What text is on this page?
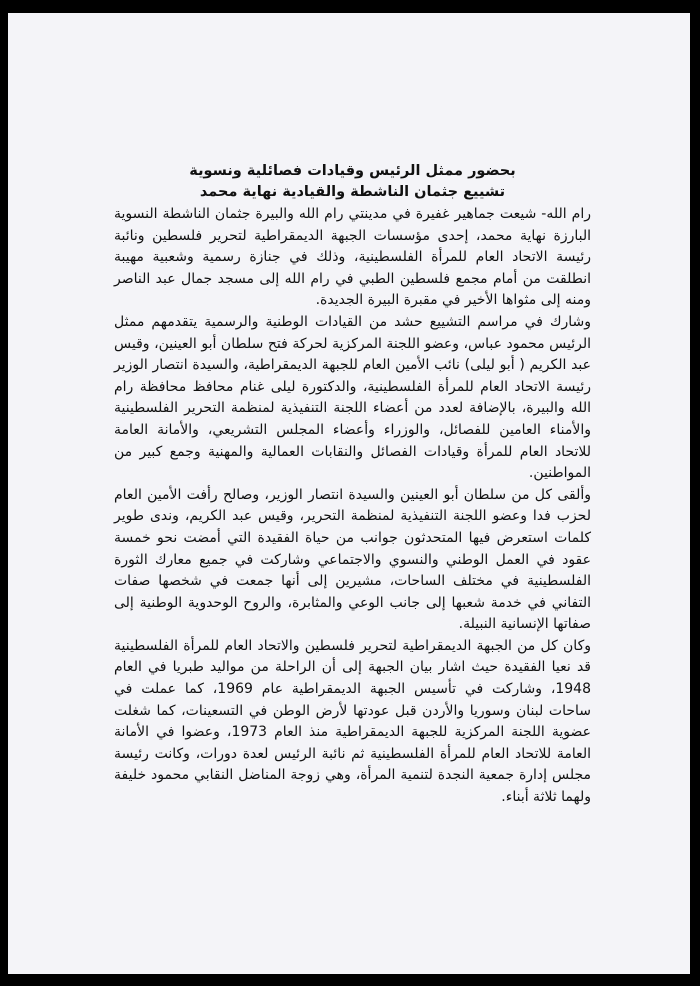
بحضور ممثل الرئيس وقيادات فصائلية ونسوية
تشييع جثمان الناشطة والقيادية نهاية محمد

رام الله- شيعت جماهير غفيرة في مدينتي رام الله والبيرة جثمان الناشطة النسوية البارزة نهاية محمد، إحدى مؤسسات الجبهة الديمقراطية لتحرير فلسطين ونائبة رئيسة الاتحاد العام للمرأة الفلسطينية، وذلك في جنازة رسمية وشعبية مهيبة انطلقت من أمام مجمع فلسطين الطبي في رام الله إلى مسجد جمال عبد الناصر ومنه إلى مثواها الأخير في مقبرة البيرة الجديدة.

وشارك في مراسم التشييع حشد من القيادات الوطنية والرسمية يتقدمهم ممثل الرئيس محمود عباس، وعضو اللجنة المركزية لحركة فتح سلطان أبو العينين، وقيس عبد الكريم ( أبو ليلى) نائب الأمين العام للجبهة الديمقراطية، والسيدة انتصار الوزير رئيسة الاتحاد العام للمرأة الفلسطينية، والدكتورة ليلى غنام محافظ محافظة رام الله والبيرة، بالإضافة لعدد من أعضاء اللجنة التنفيذية لمنظمة التحرير الفلسطينية والأمناء العامين للفصائل، والوزراء وأعضاء المجلس التشريعي، والأمانة العامة للاتحاد العام للمرأة وقيادات الفصائل والنقابات العمالية والمهنية وجمع كبير من المواطنين.

وألقى كل من سلطان أبو العينين والسيدة انتصار الوزير، وصالح رأفت الأمين العام لحزب فدا وعضو اللجنة التنفيذية لمنظمة التحرير، وقيس عبد الكريم، وندى طوير كلمات استعرض فيها المتحدثون جوانب من حياة الفقيدة التي أمضت نحو خمسة عقود في العمل الوطني والنسوي والاجتماعي وشاركت في جميع معارك الثورة الفلسطينية في مختلف الساحات، مشيرين إلى أنها جمعت في شخصها صفات التفاني في خدمة شعبها إلى جانب الوعي والمثابرة، والروح الوحدوية الوطنية إلى صفاتها الإنسانية النبيلة.

وكان كل من الجبهة الديمقراطية لتحرير فلسطين والاتحاد العام للمرأة الفلسطينية قد نعيا الفقيدة حيث اشار بيان الجبهة إلى أن الراحلة من مواليد طبريا في العام 1948، وشاركت في تأسيس الجبهة الديمقراطية عام 1969، كما عملت في ساحات لبنان وسوريا والأردن قبل عودتها لأرض الوطن في التسعينات، كما شغلت عضوية اللجنة المركزية للجبهة الديمقراطية منذ العام 1973، وعضوا في الأمانة العامة للاتحاد العام للمرأة الفلسطينية ثم نائبة الرئيس لعدة دورات، وكانت رئيسة مجلس إدارة جمعية النجدة لتنمية المرأة، وهي زوجة المناضل النقابي محمود خليفة ولهما ثلاثة أبناء.
